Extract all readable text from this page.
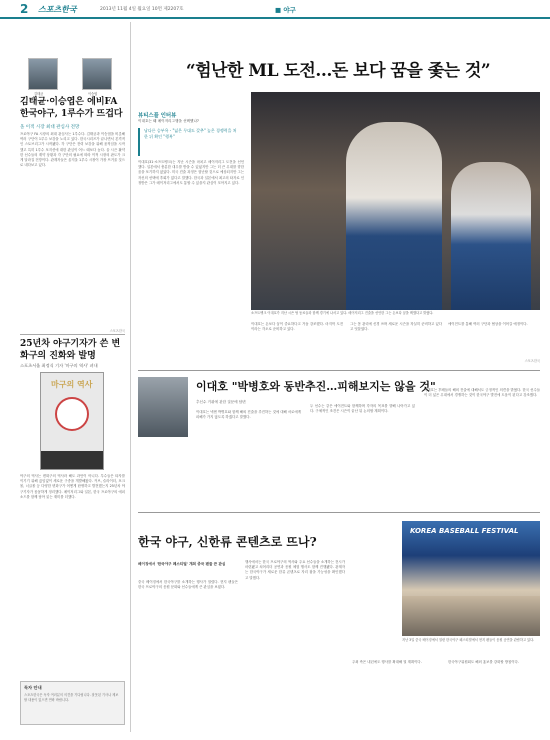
2 스포츠한국	2013년 11월 4일 월요일 10면 제2207호	■ 야구
김태균	이승엽
김태균·이승엽은 에비FA 한국야구, 1루수가 뜨겁다
올 이적 시장 최대 관심사 전망
프로야구 FA 시장의 최대 관심사는 1루수다. 김태균과 이승엽을 비롯해 여러 구단이 1루수 보강을 노리고 있다. 한국시리즈가 끝나면서 본격적인 스토브리그가 시작됐다. 각 구단은 전력 보강을 위해 움직임을 시작했고 특히 1루수 포지션에 대한 관심이 어느 때보다 높다. 올 시즌 활약한 선수들의 계약 상황과 각 구단의 필요에 따라 이적 시장의 판도가 크게 달라질 전망이다. 관계자들은 올겨울 1루수 시장이 가장 뜨거울 것으로 내다보고 있다.
스포츠한국
25년차 야구기자가 쓴 변화구의 진화와 발명
스포츠서울 최정식 기자 '마구의 역사' 펴내
마구의 역사
야구의 역사는 변화구의 역사라 해도 과언이 아니다. 투수들은 타자를 이기기 위해 끊임없이 새로운 구종을 개발해왔다. 커브, 슬라이더, 포크볼, 너클볼 등 다양한 변화구가 어떻게 탄생하고 발전했는지 25년차 야구기자가 꼼꼼하게 정리했다. 메이저리그와 일본, 한국 프로야구의 에피소드를 함께 담아 읽는 재미를 더했다.
독자 안내
스포츠한국은 독자 여러분의 의견을 기다립니다. 잘못된 기사나 제보할 내용이 있으면 연락 바랍니다.
“험난한 ML 도전…돈 보다 꿈을 좇는 것”
뷰티스플 인터뷰
이대호는 왜 메이저리그행을 선택했나?
남다른 승부욕 - "넓은 무대도 갖추" 높은 경쟁력을 처한 뒤 확인 "행복"
소프트뱅크 이대호가 지난 시즌 팀 동료들과 함께 경기에 나서고 있다. 메이저리그 진출을 선언한 그는 돈보다 꿈을 택했다고 밝혔다.
이대호(31·소프트뱅크)는 지난 시즌을 마치고 메이저리그 도전을 선언했다. 일본에서 충분한 대우를 받을 수 있었지만 그는 더 큰 무대를 향한 꿈을 포기하지 않았다. 미국 진출 과정은 험난할 것으로 예상되지만 그는 자신의 선택에 후회가 없다고 말했다. 한국과 일본에서 최고의 타자로 인정받은 그가 메이저리그에서도 통할 수 있을지 관심이 모아지고 있다.
이대호는 돈보다 꿈이 중요하다고 거듭 강조했다. 마지막 도전이라는 각오로 준비하고 있다.
그는 몸 관리에 신경 쓰며 새로운 시즌을 착실히 준비하고 있다고 덧붙였다.
에이전트를 통해 여러 구단과 협상을 이어갈 예정이다.
스포츠한국
이대호 "박병호와 동반추진…피해보지는 않을 것"
추신수 거취에 관한 질문에 답변
이대호는 넥센 박병호와 함께 해외 진출을 추진하는 것에 대해 서로에게 피해가 가지 않도록 하겠다고 말했다.
두 선수는 같은 에이전트와 함께하며 각자의 목표를 향해 나아가고 있다. 구체적인 조건은 시즌이 끝난 뒤 논의할 계획이다.
이대호는 후배들의 해외 진출에 대해서도 긍정적인 의견을 밝혔다. 한국 선수들이 더 넓은 무대에서 경쟁하는 것이 한국야구 발전에 도움이 된다고 강조했다.
한국 야구, 신한류 콘텐츠로 뜨나?
베이징에서 '한국야구 페스티벌' 개최 중국 팬들 큰 관심
중국 베이징에서 한국야구를 소개하는 행사가 열렸다. 현지 팬들은 한국 프로야구의 응원 문화와 선수들에게 큰 관심을 보였다.
행사에서는 한국 프로야구의 역사와 주요 선수들을 소개하는 전시가 마련됐고 치어리더 공연과 응원 체험 행사도 함께 진행됐다. 관계자는 한국야구가 새로운 한류 콘텐츠로 자리 잡을 가능성을 확인했다고 말했다.
KOREA BASEBALL FESTIVAL
지난 3일 중국 베이징에서 열린 한국야구 페스티벌에서 현지 팬들이 응원 공연을 관람하고 있다.
주최 측은 내년에도 행사를 확대해 열 계획이다.	한국야구위원회도 해외 홍보를 강화할 방침이다.
